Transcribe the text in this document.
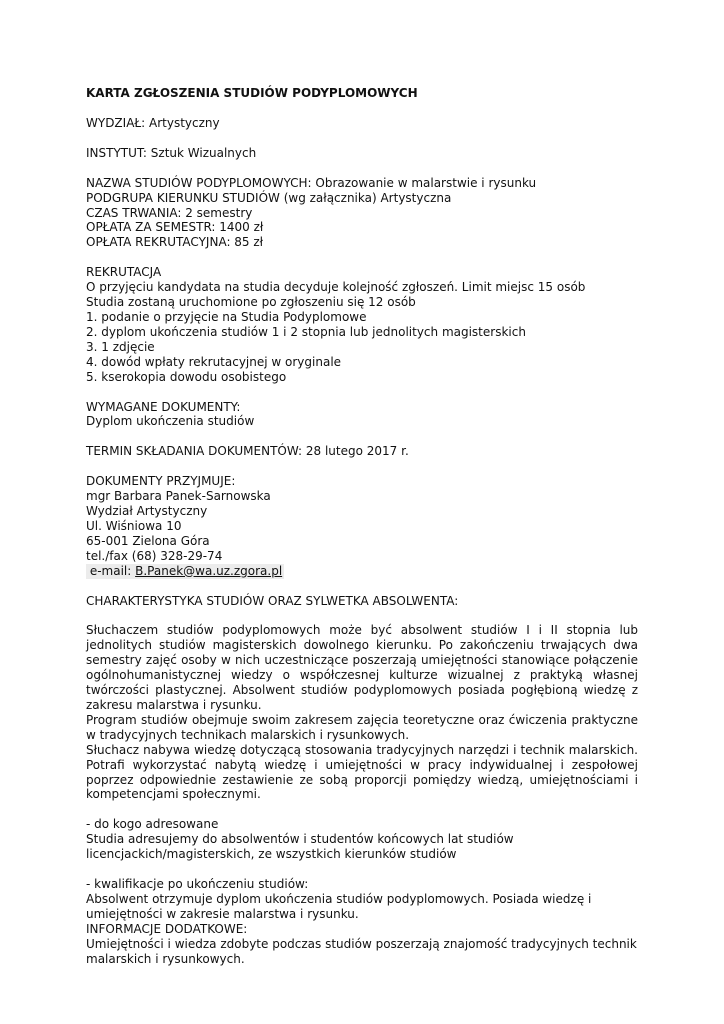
KARTA ZGŁOSZENIA STUDIÓW PODYPLOMOWYCH
WYDZIAŁ: Artystyczny
INSTYTUT: Sztuk Wizualnych
NAZWA STUDIÓW PODYPLOMOWYCH: Obrazowanie w malarstwie i rysunku
PODGRUPA KIERUNKU STUDIÓW (wg załącznika) Artystyczna
CZAS TRWANIA: 2 semestry
OPŁATA ZA SEMESTR: 1400 zł
OPŁATA REKRUTACYJNA: 85 zł
REKRUTACJA
O przyjęciu kandydata na studia decyduje kolejność zgłoszeń. Limit miejsc 15 osób
Studia zostaną uruchomione po zgłoszeniu się 12 osób
1. podanie o przyjęcie na Studia Podyplomowe
2. dyplom ukończenia studiów 1 i 2 stopnia lub jednolitych magisterskich
3. 1 zdjęcie
4. dowód wpłaty rekrutacyjnej w oryginale
5. kserokopia dowodu osobistego
WYMAGANE DOKUMENTY:
Dyplom ukończenia studiów
TERMIN SKŁADANIA DOKUMENTÓW: 28 lutego 2017 r.
DOKUMENTY PRZYJMUJE:
mgr Barbara Panek-Sarnowska
Wydział Artystyczny
Ul. Wiśniowa 10
65-001 Zielona Góra
tel./fax (68) 328-29-74
e-mail: B.Panek@wa.uz.zgora.pl
CHARAKTERYSTYKA STUDIÓW ORAZ SYLWETKA ABSOLWENTA:
Słuchaczem studiów podyplomowych może być absolwent studiów I i II stopnia lub jednolitych studiów magisterskich dowolnego kierunku. Po zakończeniu trwających dwa semestry zajęć osoby w nich uczestniczące poszerzają umiejętności stanowiące połączenie ogólnohumanistycznej wiedzy o współczesnej kulturze wizualnej z praktyką własnej twórczości plastycznej. Absolwent studiów podyplomowych posiada pogłębioną wiedzę z zakresu malarstwa i rysunku.
Program studiów obejmuje swoim zakresem zajęcia teoretyczne oraz ćwiczenia praktyczne w tradycyjnych technikach malarskich i rysunkowych.
Słuchacz nabywa wiedzę dotyczącą stosowania tradycyjnych narzędzi i technik malarskich. Potrafi wykorzystać nabytą wiedzę i umiejętności w pracy indywidualnej i zespołowej poprzez odpowiednie zestawienie ze sobą proporcji pomiędzy wiedzą, umiejętnościami i kompetencjami społecznymi.
- do kogo adresowane
Studia adresujemy do absolwentów i studentów końcowych lat studiów licencjackich/magisterskich, ze wszystkich kierunków studiów
- kwalifikacje po ukończeniu studiów:
Absolwent otrzymuje dyplom ukończenia studiów podyplomowych. Posiada wiedzę i umiejętności w zakresie malarstwa i rysunku.
INFORMACJE DODATKOWE:
Umiejętności i wiedza zdobyte podczas studiów poszerzają znajomość tradycyjnych technik malarskich i rysunkowych.
